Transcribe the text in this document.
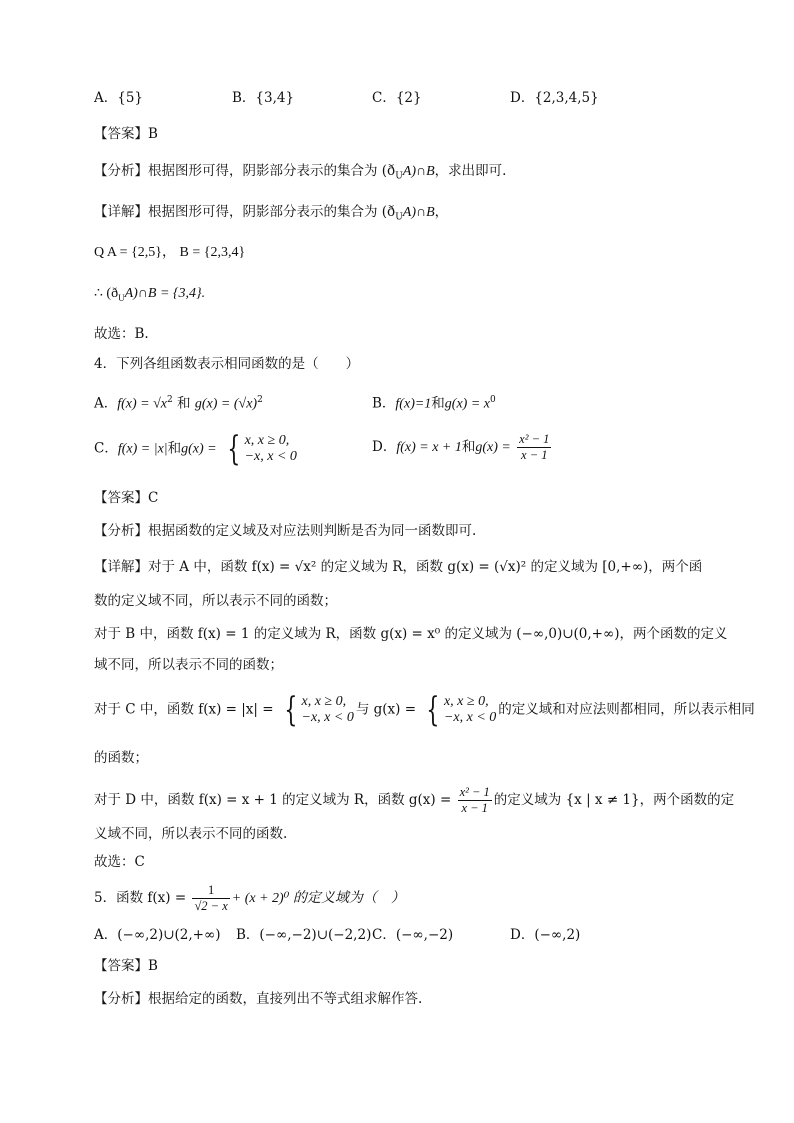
A．{5}	B．{3,4}	C．{2}	D．{2,3,4,5}
【答案】B
【分析】根据图形可得，阴影部分表示的集合为 $(ð_UA)\cap B$，求出即可.
【详解】根据图形可得，阴影部分表示的集合为 $(ð_UA)\cap B$，
Q A = {2,5}， B = {2,3,4}
∴ $(ð_UA)\cap B = \{3,4\}$.
故选：B.
4．下列各组函数表示相同函数的是（　　）
A．$f(x) = √x^2$ 和 $g(x) = (√x)^2$	B．f(x)=1和$g(x) = x^0$
C．f(x) = |x|和g(x) = { x, x ≥ 0,
−x, x < 0
D．f(x) = x + 1和$g(x) = \frac{\text{x² − 1}}{x - 1}$
【答案】C
【分析】根据函数的定义域及对应法则判断是否为同一函数即可.
【详解】对于 A 中，函数 f(x) = √x² 的定义域为 R，函数 g(x) = (√x)² 的定义域为 [0,+∞)，两个函
数的定义域不同，所以表示不同的函数；
对于 B 中，函数 f(x) = 1 的定义域为 R，函数 g(x) = x⁰ 的定义域为 (−∞,0)∪(0,+∞)，两个函数的定义
域不同，所以表示不同的函数；
对于 C 中，函数 f(x) = |x| = { x, x ≥ 0,
−x, x < 0 与 g(x) = { x, x ≥ 0,
−x, x < 0 的定义域和对应法则都相同，所以表示相同
的函数；
对于 D 中，函数 f(x) = x + 1 的定义域为 R，函数 $g(x) = \frac{\text{x² − 1}}{x - 1}$ 的定义域为 {x | x ≠ 1}，两个函数的定
义域不同，所以表示不同的函数.
故选：C
5．函数 $f(x) = \frac{1}{√2 - x} + (x + 2)^0$ 的定义域为（　）
A．(−∞,2)∪(2,+∞) B．(−∞,−2)∪(−2,2) C．(−∞,−2)	D．(−∞,2)
【答案】B
【分析】根据给定的函数，直接列出不等式组求解作答.
